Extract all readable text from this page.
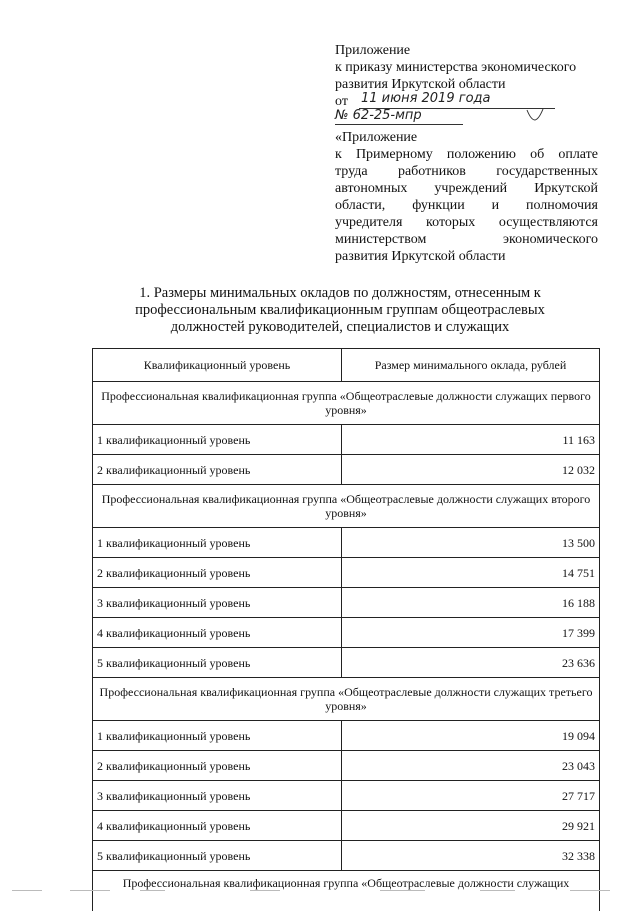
Приложение
к приказу министерства экономического
развития Иркутской области
от 11 июня 2019 года
№ 62-25-мпр
«Приложение
к Примерному положению об оплате
труда работников государственных
автономных учреждений Иркутской
области, функции и полномочия
учредителя которых осуществляются
министерством экономического
развития Иркутской области
1. Размеры минимальных окладов по должностям, отнесенным к
профессиональным квалификационным группам общеотраслевых
должностей руководителей, специалистов и служащих
Квалификационный уровень	Размер минимального оклада, рублей
Профессиональная квалификационная группа «Общеотраслевые должности служащих первого уровня»	
1 квалификационный уровень	11 163
2 квалификационный уровень	12 032
Профессиональная квалификационная группа «Общеотраслевые должности служащих второго уровня»	
1 квалификационный уровень	13 500
2 квалификационный уровень	14 751
3 квалификационный уровень	16 188
4 квалификационный уровень	17 399
5 квалификационный уровень	23 636
Профессиональная квалификационная группа «Общеотраслевые должности служащих третьего уровня»	
1 квалификационный уровень	19 094
2 квалификационный уровень	23 043
3 квалификационный уровень	27 717
4 квалификационный уровень	29 921
5 квалификационный уровень	32 338
Профессиональная квалификационная группа «Общеотраслевые должности служащих	
